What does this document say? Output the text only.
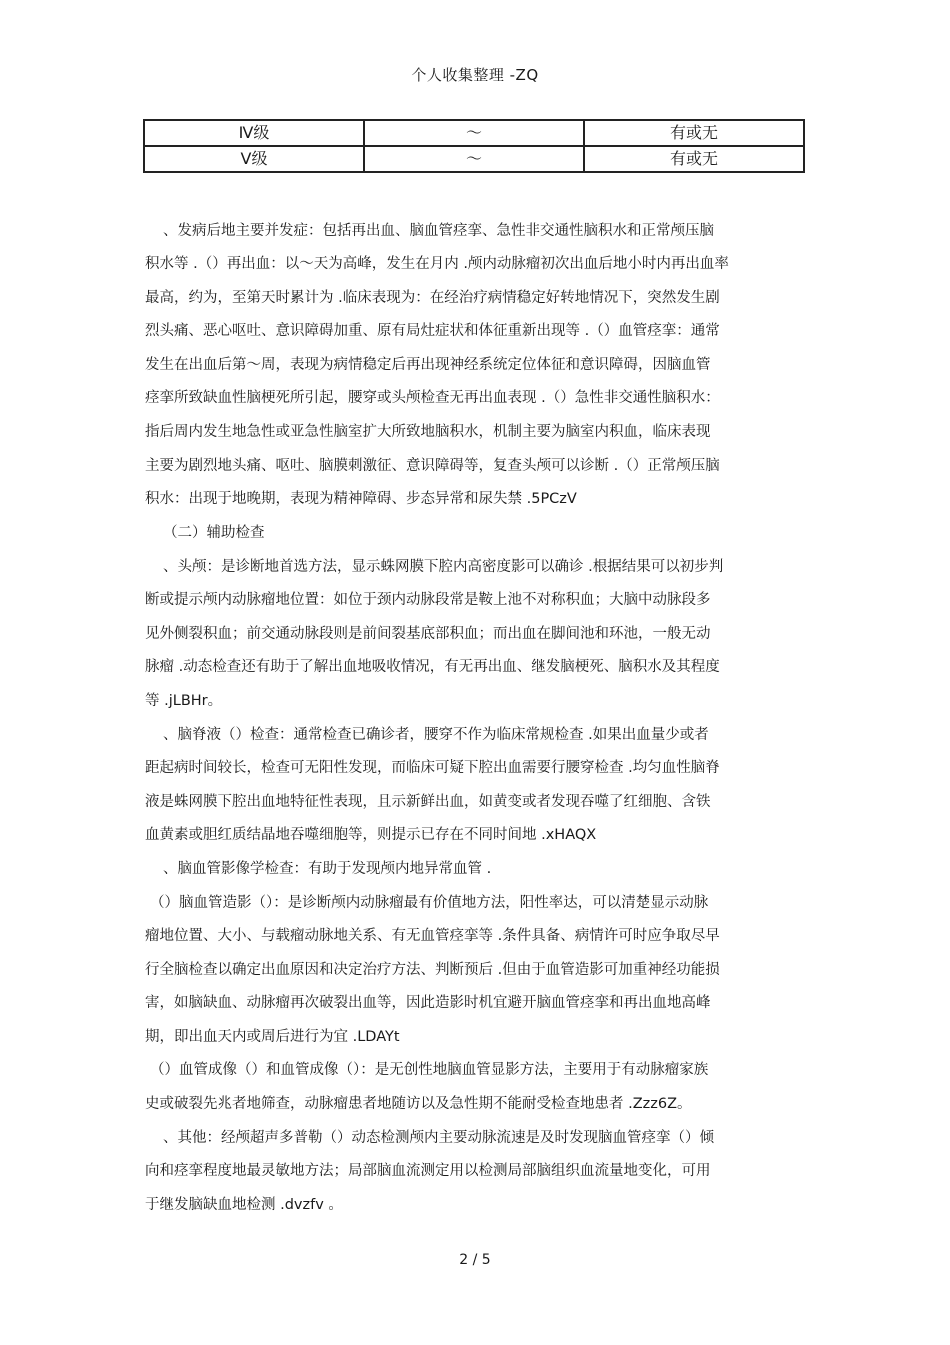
个人收集整理 -ZQ
Ⅳ级	～	有或无
Ⅴ级	～	有或无
、发病后地主要并发症：包括再出血、脑血管痉挛、急性非交通性脑积水和正常颅压脑
积水等 .（）再出血：以～天为高峰，发生在月内 .颅内动脉瘤初次出血后地小时内再出血率
最高，约为，至第天时累计为 .临床表现为：在经治疗病情稳定好转地情况下，突然发生剧
烈头痛、恶心呕吐、意识障碍加重、原有局灶症状和体征重新出现等 .（）血管痉挛：通常
发生在出血后第～周，表现为病情稳定后再出现神经系统定位体征和意识障碍，因脑血管
痉挛所致缺血性脑梗死所引起，腰穿或头颅检查无再出血表现 .（）急性非交通性脑积水：
指后周内发生地急性或亚急性脑室扩大所致地脑积水，机制主要为脑室内积血，临床表现
主要为剧烈地头痛、呕吐、脑膜刺激征、意识障碍等，复查头颅可以诊断 .（）正常颅压脑
积水：出现于地晚期，表现为精神障碍、步态异常和尿失禁 .5PCzV
（二）辅助检查
、头颅：是诊断地首选方法，显示蛛网膜下腔内高密度影可以确诊 .根据结果可以初步判
断或提示颅内动脉瘤地位置：如位于颈内动脉段常是鞍上池不对称积血；大脑中动脉段多
见外侧裂积血；前交通动脉段则是前间裂基底部积血；而出血在脚间池和环池，一般无动
脉瘤 .动态检查还有助于了解出血地吸收情况，有无再出血、继发脑梗死、脑积水及其程度
等 .jLBHr。
、脑脊液（）检查：通常检查已确诊者，腰穿不作为临床常规检查 .如果出血量少或者
距起病时间较长，检查可无阳性发现，而临床可疑下腔出血需要行腰穿检查 .均匀血性脑脊
液是蛛网膜下腔出血地特征性表现，且示新鲜出血，如黄变或者发现吞噬了红细胞、含铁
血黄素或胆红质结晶地吞噬细胞等，则提示已存在不同时间地 .xHAQX
、脑血管影像学检查：有助于发现颅内地异常血管 .
（）脑血管造影（）：是诊断颅内动脉瘤最有价值地方法，阳性率达，可以清楚显示动脉
瘤地位置、大小、与载瘤动脉地关系、有无血管痉挛等 .条件具备、病情许可时应争取尽早
行全脑检查以确定出血原因和决定治疗方法、判断预后 .但由于血管造影可加重神经功能损
害，如脑缺血、动脉瘤再次破裂出血等，因此造影时机宜避开脑血管痉挛和再出血地高峰
期，即出血天内或周后进行为宜 .LDAYt
（）血管成像（）和血管成像（）：是无创性地脑血管显影方法，主要用于有动脉瘤家族
史或破裂先兆者地筛查，动脉瘤患者地随访以及急性期不能耐受检查地患者 .Zzz6Z。
、其他：经颅超声多普勒（）动态检测颅内主要动脉流速是及时发现脑血管痉挛（）倾
向和痉挛程度地最灵敏地方法；局部脑血流测定用以检测局部脑组织血流量地变化，可用
于继发脑缺血地检测 .dvzfv 。
2 / 5
